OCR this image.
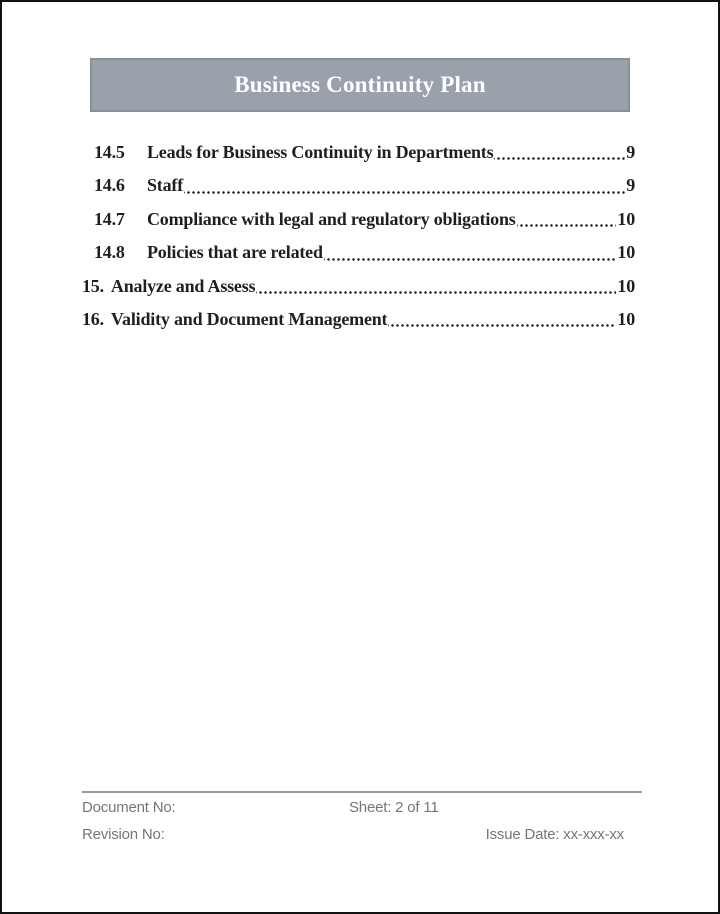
Business Continuity Plan
14.5	Leads for Business Continuity in Departments	9
14.6	Staff	9
14.7	Compliance with legal and regulatory obligations	10
14.8	Policies that are related	10
15. Analyze and Assess	10
16. Validity and Document Management	10
Document No:	Sheet: 2 of 11
Revision No:	Issue Date: xx-xxx-xx
